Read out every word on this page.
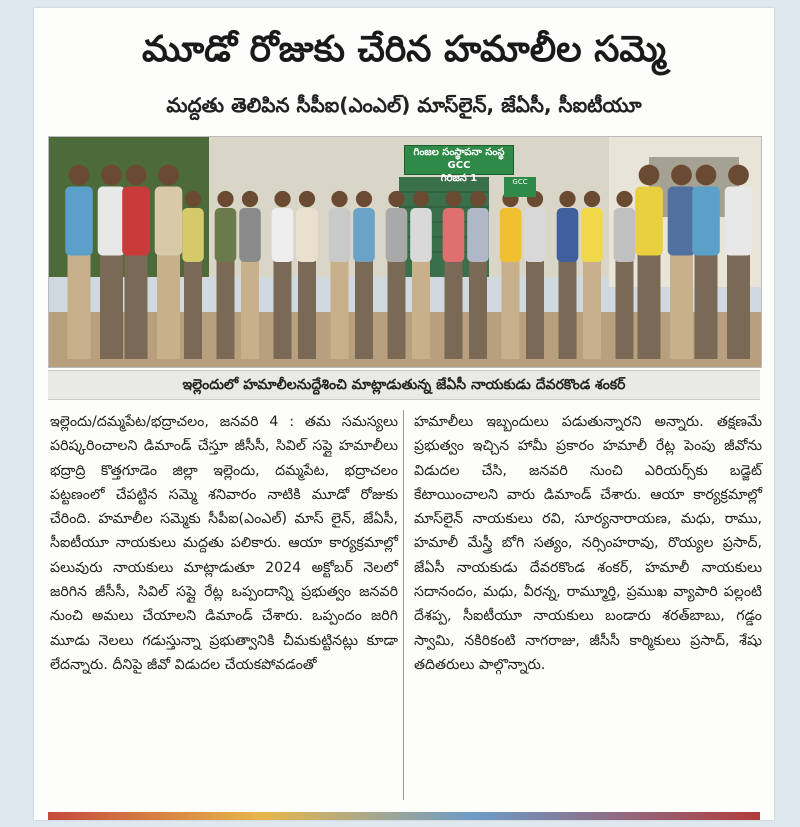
మూడో రోజుకు చేరిన హమాలీల సమ్మె
మద్దతు తెలిపిన సీపీఐ(ఎంఎల్) మాస్‌లైన్, జేఏసీ, సీఐటీయూ
గింజల సంస్థాపనా సంస్థ GCC
గిరిజన 1	GCC
ఇల్లెందులో హమాలీలనుద్దేశించి మాట్లాడుతున్న జేఏసీ నాయకుడు దేవరకొండ శంకర్
ఇల్లెందు/దమ్మపేట/భద్రాచలం, జనవరి 4 : తమ సమస్యలు పరిష్కరించాలని డిమాండ్ చేస్తూ జీసీసీ, సివిల్ సప్లై హమాలీలు భద్రాద్రి కొత్తగూడెం జిల్లా ఇల్లెందు, దమ్మపేట, భద్రాచలం పట్టణంలో చేపట్టిన సమ్మె శనివారం నాటికి మూడో రోజుకు చేరింది. హమాలీల సమ్మెకు సీపీఐ(ఎంఎల్) మాస్ లైన్, జేఏసీ, సీఐటీయూ నాయకులు మద్దతు పలికారు. ఆయా కార్యక్రమాల్లో పలువురు నాయకులు మాట్లాడుతూ 2024 అక్టోబర్ నెలలో జరిగిన జీసీసీ, సివిల్ సప్లై రేట్ల ఒప్పందాన్ని ప్రభుత్వం జనవరి నుంచి అమలు చేయాలని డిమాండ్ చేశారు. ఒప్పందం జరిగి మూడు నెలలు గడుస్తున్నా ప్రభుత్వానికి చీమకుట్టినట్లు కూడా లేదన్నారు. దీనిపై జీవో విడుదల చేయకపోవడంతో
హమాలీలు ఇబ్బందులు పడుతున్నారని అన్నారు. తక్షణమే ప్రభుత్వం ఇచ్చిన హామీ ప్రకారం హమాలీ రేట్ల పెంపు జీవోను విడుదల చేసి, జనవరి నుంచి ఎరియర్స్‌కు బడ్జెట్ కేటాయించాలని వారు డిమాండ్ చేశారు. ఆయా కార్యక్రమాల్లో మాస్‌లైన్ నాయకులు రవి, సూర్యనారాయణ, మధు, రాము, హమాలీ మేస్త్రీ బోగి సత్యం, నర్సింహరావు, రొయ్యల ప్రసాద్, జేఏసీ నాయకుడు దేవరకొండ శంకర్, హమాలీ నాయకులు సదానందం, మధు, వీరన్న, రామ్మూర్తి, ప్రముఖ వ్యాపారి పల్లంటి దేశప్ప, సీఐటీయూ నాయకులు బండారు శరత్‌బాబు, గడ్డం స్వామి, నకిరికంటి నాగరాజు, జీసీసీ కార్మికులు ప్రసాద్, శేషు తదితరులు పాల్గొన్నారు.
